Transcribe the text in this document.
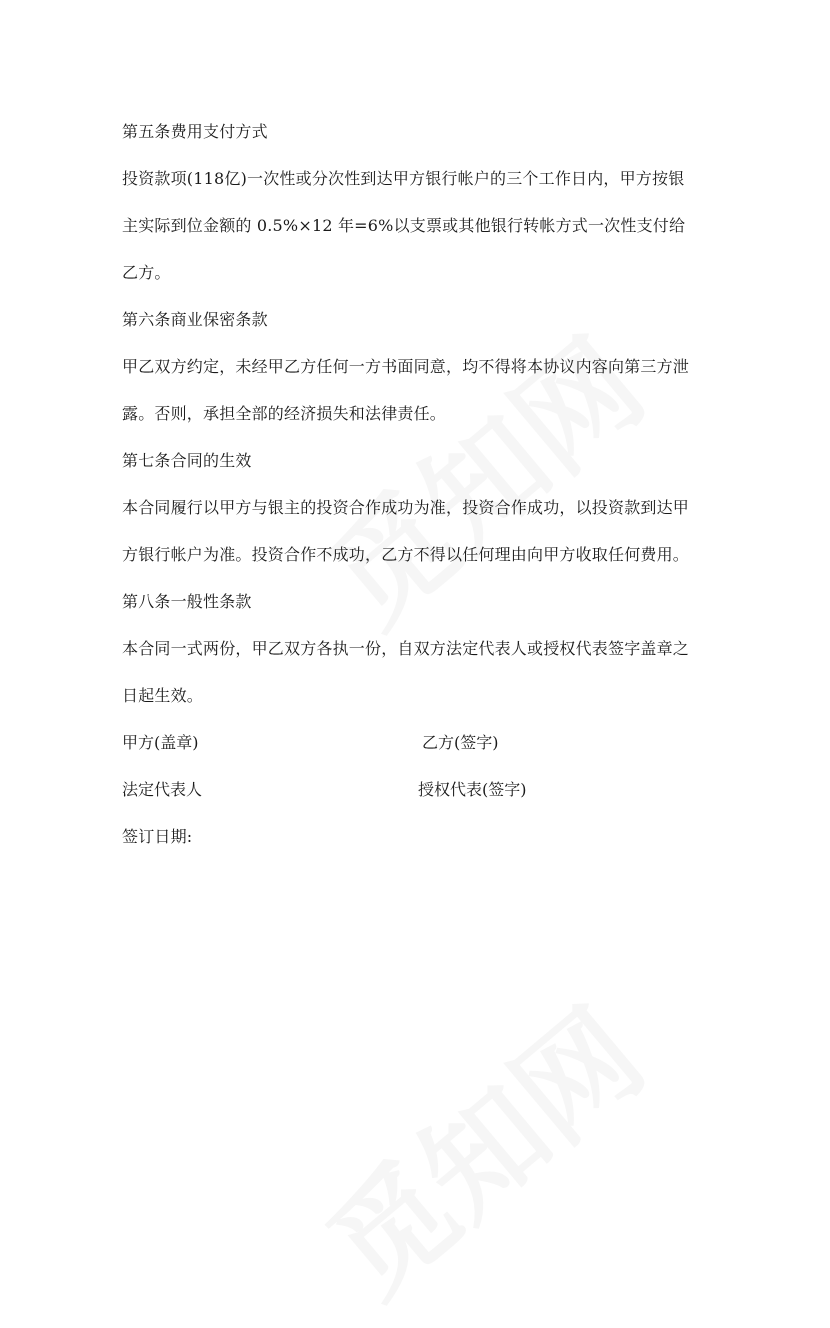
第五条费用支付方式
投资款项(118亿)一次性或分次性到达甲方银行帐户的三个工作日内，甲方按银
主实际到位金额的 0.5%×12 年=6%以支票或其他银行转帐方式一次性支付给
乙方。
第六条商业保密条款
甲乙双方约定，未经甲乙方任何一方书面同意，均不得将本协议内容向第三方泄
露。否则，承担全部的经济损失和法律责任。
第七条合同的生效
本合同履行以甲方与银主的投资合作成功为准，投资合作成功，以投资款到达甲
方银行帐户为准。投资合作不成功，乙方不得以任何理由向甲方收取任何费用。
第八条一般性条款
本合同一式两份，甲乙双方各执一份，自双方法定代表人或授权代表签字盖章之
日起生效。
甲方(盖章)	乙方(签字)
法定代表人	授权代表(签字)
签订日期:
